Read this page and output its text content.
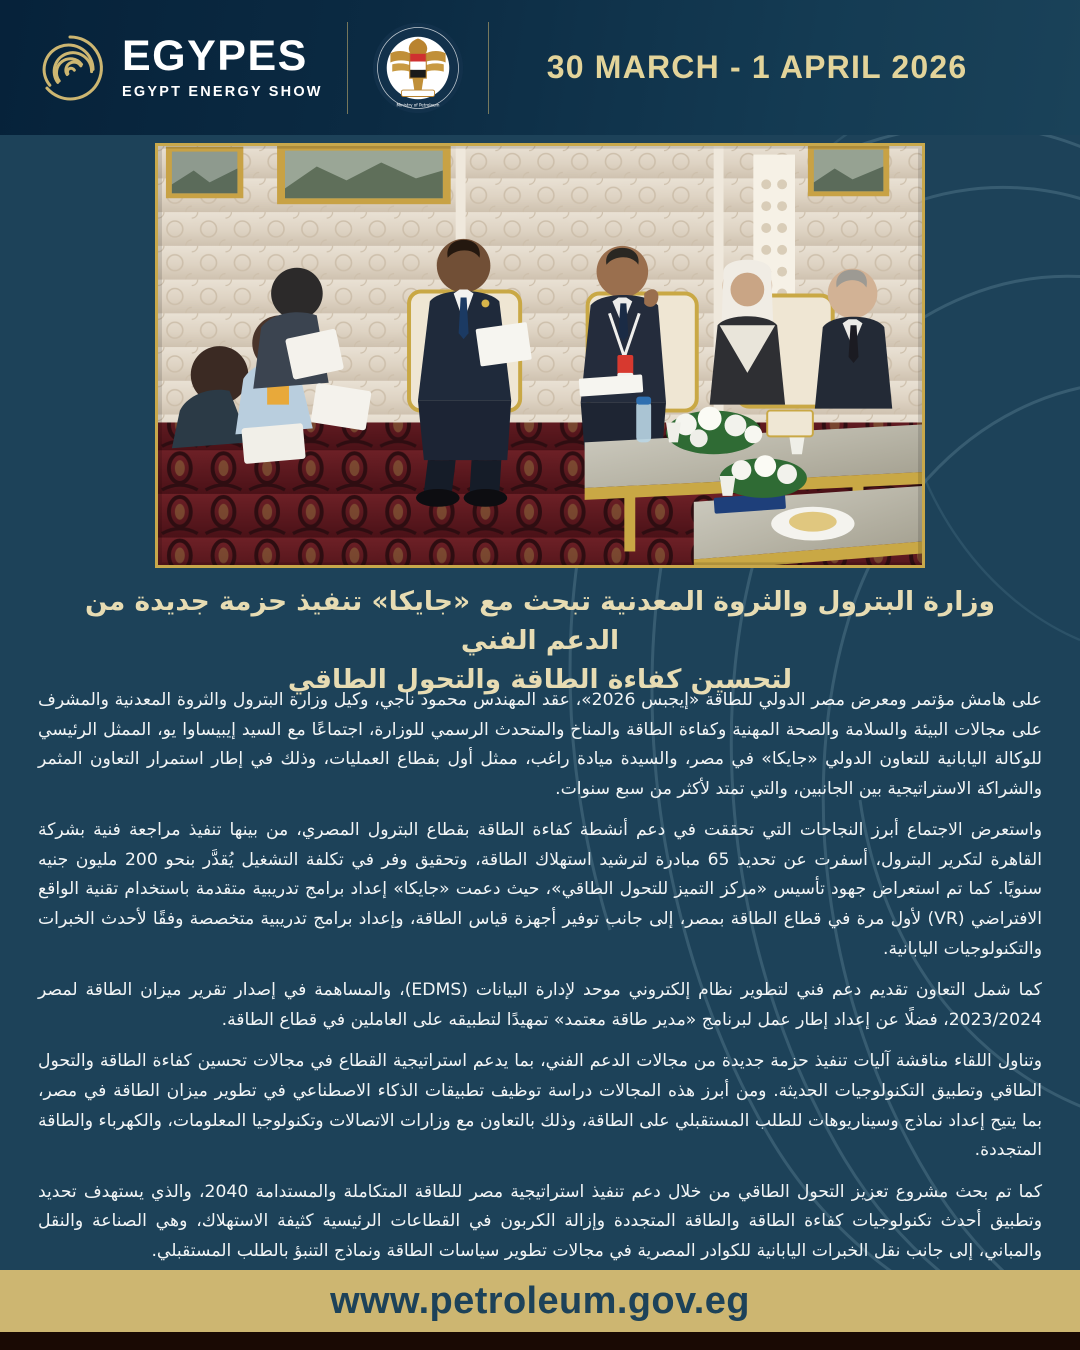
EGYPES
EGYPT ENERGY SHOW
Ministry of Petroleum
30 MARCH - 1 APRIL 2026
وزارة البترول والثروة المعدنية تبحث مع «جايكا» تنفيذ حزمة جديدة من الدعم الفني
لتحسين كفاءة الطاقة والتحول الطاقي

على هامش مؤتمر ومعرض مصر الدولي للطاقة «إيجبس 2026»، عقد المهندس محمود ناجي، وكيل وزارة البترول والثروة المعدنية والمشرف على مجالات البيئة والسلامة والصحة المهنية وكفاءة الطاقة والمناخ والمتحدث الرسمي للوزارة، اجتماعًا مع السيد إيبيساوا يو، الممثل الرئيسي للوكالة اليابانية للتعاون الدولي «جايكا» في مصر، والسيدة ميادة راغب، ممثل أول بقطاع العمليات، وذلك في إطار استمرار التعاون المثمر والشراكة الاستراتيجية بين الجانبين، والتي تمتد لأكثر من سبع سنوات.

واستعرض الاجتماع أبرز النجاحات التي تحققت في دعم أنشطة كفاءة الطاقة بقطاع البترول المصري، من بينها تنفيذ مراجعة فنية بشركة القاهرة لتكرير البترول، أسفرت عن تحديد 65 مبادرة لترشيد استهلاك الطاقة، وتحقيق وفر في تكلفة التشغيل يُقدَّر بنحو 200 مليون جنيه سنويًا. كما تم استعراض جهود تأسيس «مركز التميز للتحول الطاقي»، حيث دعمت «جايكا» إعداد برامج تدريبية متقدمة باستخدام تقنية الواقع الافتراضي (VR) لأول مرة في قطاع الطاقة بمصر، إلى جانب توفير أجهزة قياس الطاقة، وإعداد برامج تدريبية متخصصة وفقًا لأحدث الخبرات والتكنولوجيات اليابانية.

كما شمل التعاون تقديم دعم فني لتطوير نظام إلكتروني موحد لإدارة البيانات (EDMS)، والمساهمة في إصدار تقرير ميزان الطاقة لمصر 2023/2024، فضلًا عن إعداد إطار عمل لبرنامج «مدير طاقة معتمد» تمهيدًا لتطبيقه على العاملين في قطاع الطاقة.

وتناول اللقاء مناقشة آليات تنفيذ حزمة جديدة من مجالات الدعم الفني، بما يدعم استراتيجية القطاع في مجالات تحسين كفاءة الطاقة والتحول الطاقي وتطبيق التكنولوجيات الحديثة. ومن أبرز هذه المجالات دراسة توظيف تطبيقات الذكاء الاصطناعي في تطوير ميزان الطاقة في مصر، بما يتيح إعداد نماذج وسيناريوهات للطلب المستقبلي على الطاقة، وذلك بالتعاون مع وزارات الاتصالات وتكنولوجيا المعلومات، والكهرباء والطاقة المتجددة.

كما تم بحث مشروع تعزيز التحول الطاقي من خلال دعم تنفيذ استراتيجية مصر للطاقة المتكاملة والمستدامة 2040، والذي يستهدف تحديد وتطبيق أحدث تكنولوجيات كفاءة الطاقة والطاقة المتجددة وإزالة الكربون في القطاعات الرئيسية كثيفة الاستهلاك، وهي الصناعة والنقل والمباني، إلى جانب نقل الخبرات اليابانية للكوادر المصرية في مجالات تطوير سياسات الطاقة ونماذج التنبؤ بالطلب المستقبلي.

www.petroleum.gov.eg
